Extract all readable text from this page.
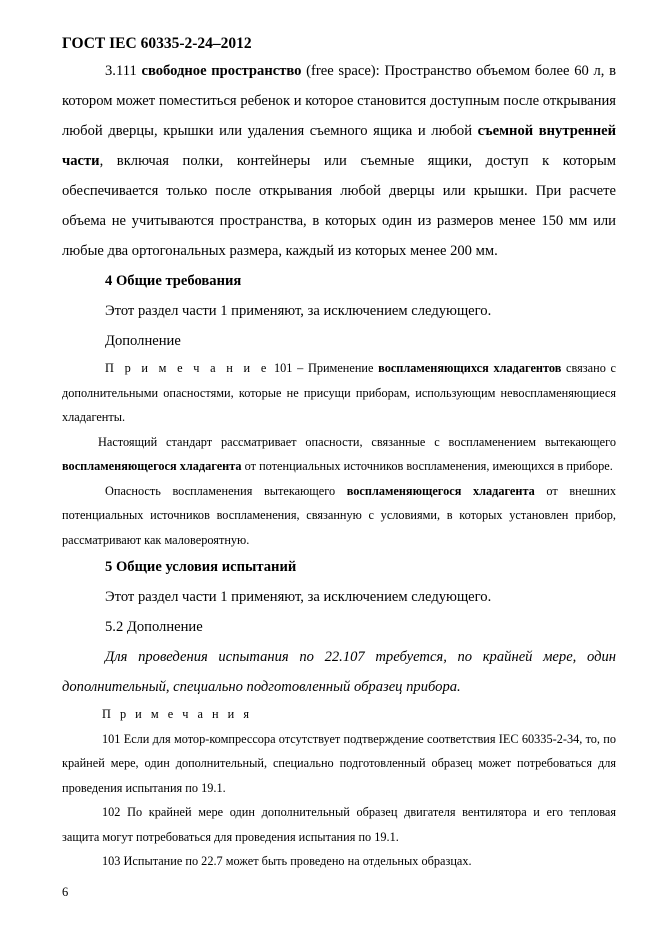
ГОСТ IEC 60335-2-24–2012

3.111 свободное пространство (free space): Пространство объемом более 60 л, в котором может поместиться ребенок и которое становится доступным после открывания любой дверцы, крышки или удаления съемного ящика и любой съемной внутренней части, включая полки, контейнеры или съемные ящики, доступ к которым обеспечивается только после открывания любой дверцы или крышки. При расчете объема не учитываются пространства, в которых один из размеров менее 150 мм или любые два ортогональных размера, каждый из которых менее 200 мм.

4 Общие требования

Этот раздел части 1 применяют, за исключением следующего.

Дополнение

П р и м е ч а н и е 101 – Применение воспламеняющихся хладагентов связано с дополнительными опасностями, которые не присущи приборам, использующим невоспламеняющиеся хладагенты.

Настоящий стандарт рассматривает опасности, связанные с воспламенением вытекающего воспламеняющегося хладагента от потенциальных источников воспламенения, имеющихся в приборе.

Опасность воспламенения вытекающего воспламеняющегося хладагента от внешних потенциальных источников воспламенения, связанную с условиями, в которых установлен прибор, рассматривают как маловероятную.

5 Общие условия испытаний

Этот раздел части 1 применяют, за исключением следующего.

5.2 Дополнение

Для проведения испытания по 22.107 требуется, по крайней мере, один дополнительный, специально подготовленный образец прибора.

П р и м е ч а н и я

101 Если для мотор-компрессора отсутствует подтверждение соответствия IEC 60335-2-34, то, по крайней мере, один дополнительный, специально подготовленный образец может потребоваться для проведения испытания по 19.1.

102 По крайней мере один дополнительный образец двигателя вентилятора и его тепловая защита могут потребоваться для проведения испытания по 19.1.

103 Испытание по 22.7 может быть проведено на отдельных образцах.

6
